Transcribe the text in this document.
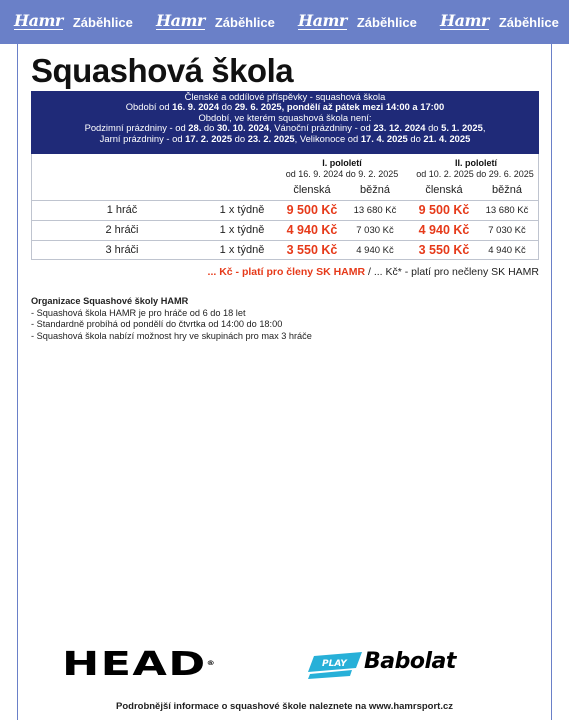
Hamr Záběhlice Hamr Záběhlice Hamr Záběhlice Hamr Záběhlice
Squashová škola
Členské a oddílové příspěvky - squashová škola
Období od 16. 9. 2024 do 29. 6. 2025, pondělí až pátek mezi 14:00 a 17:00
Období, ve kterém squashová škola není:
Podzimní prázdniny - od 28. do 30. 10. 2024, Vánoční prázdniny - od 23. 12. 2024 do 5. 1. 2025,
Jarní prázdniny - od 17. 2. 2025 do 23. 2. 2025, Velikonoce od 17. 4. 2025 do 21. 4. 2025
I. pololetí	II. pololetí
od 16. 9. 2024 do 9. 2. 2025	od 10. 2. 2025 do 29. 6. 2025
členská	běžná	členská	běžná
1 hráč	1 x týdně	9 500 Kč	13 680 Kč	9 500 Kč	13 680 Kč
2 hráči	1 x týdně	4 940 Kč	7 030 Kč	4 940 Kč	7 030 Kč
3 hráči	1 x týdně	3 550 Kč	4 940 Kč	3 550 Kč	4 940 Kč
... Kč - platí pro členy SK HAMR / ... Kč* - platí pro nečleny SK HAMR
Organizace Squashové školy HAMR
- Squashová škola HAMR je pro hráče od 6 do 18 let
- Standardně probíhá od pondělí do čtvrtka od 14:00 do 18:00
- Squashová škola nabízí možnost hry ve skupinách pro max 3 hráče
HEAD®	PLAY Babolat
Podrobnější informace o squashové škole naleznete na www.hamrsport.cz
